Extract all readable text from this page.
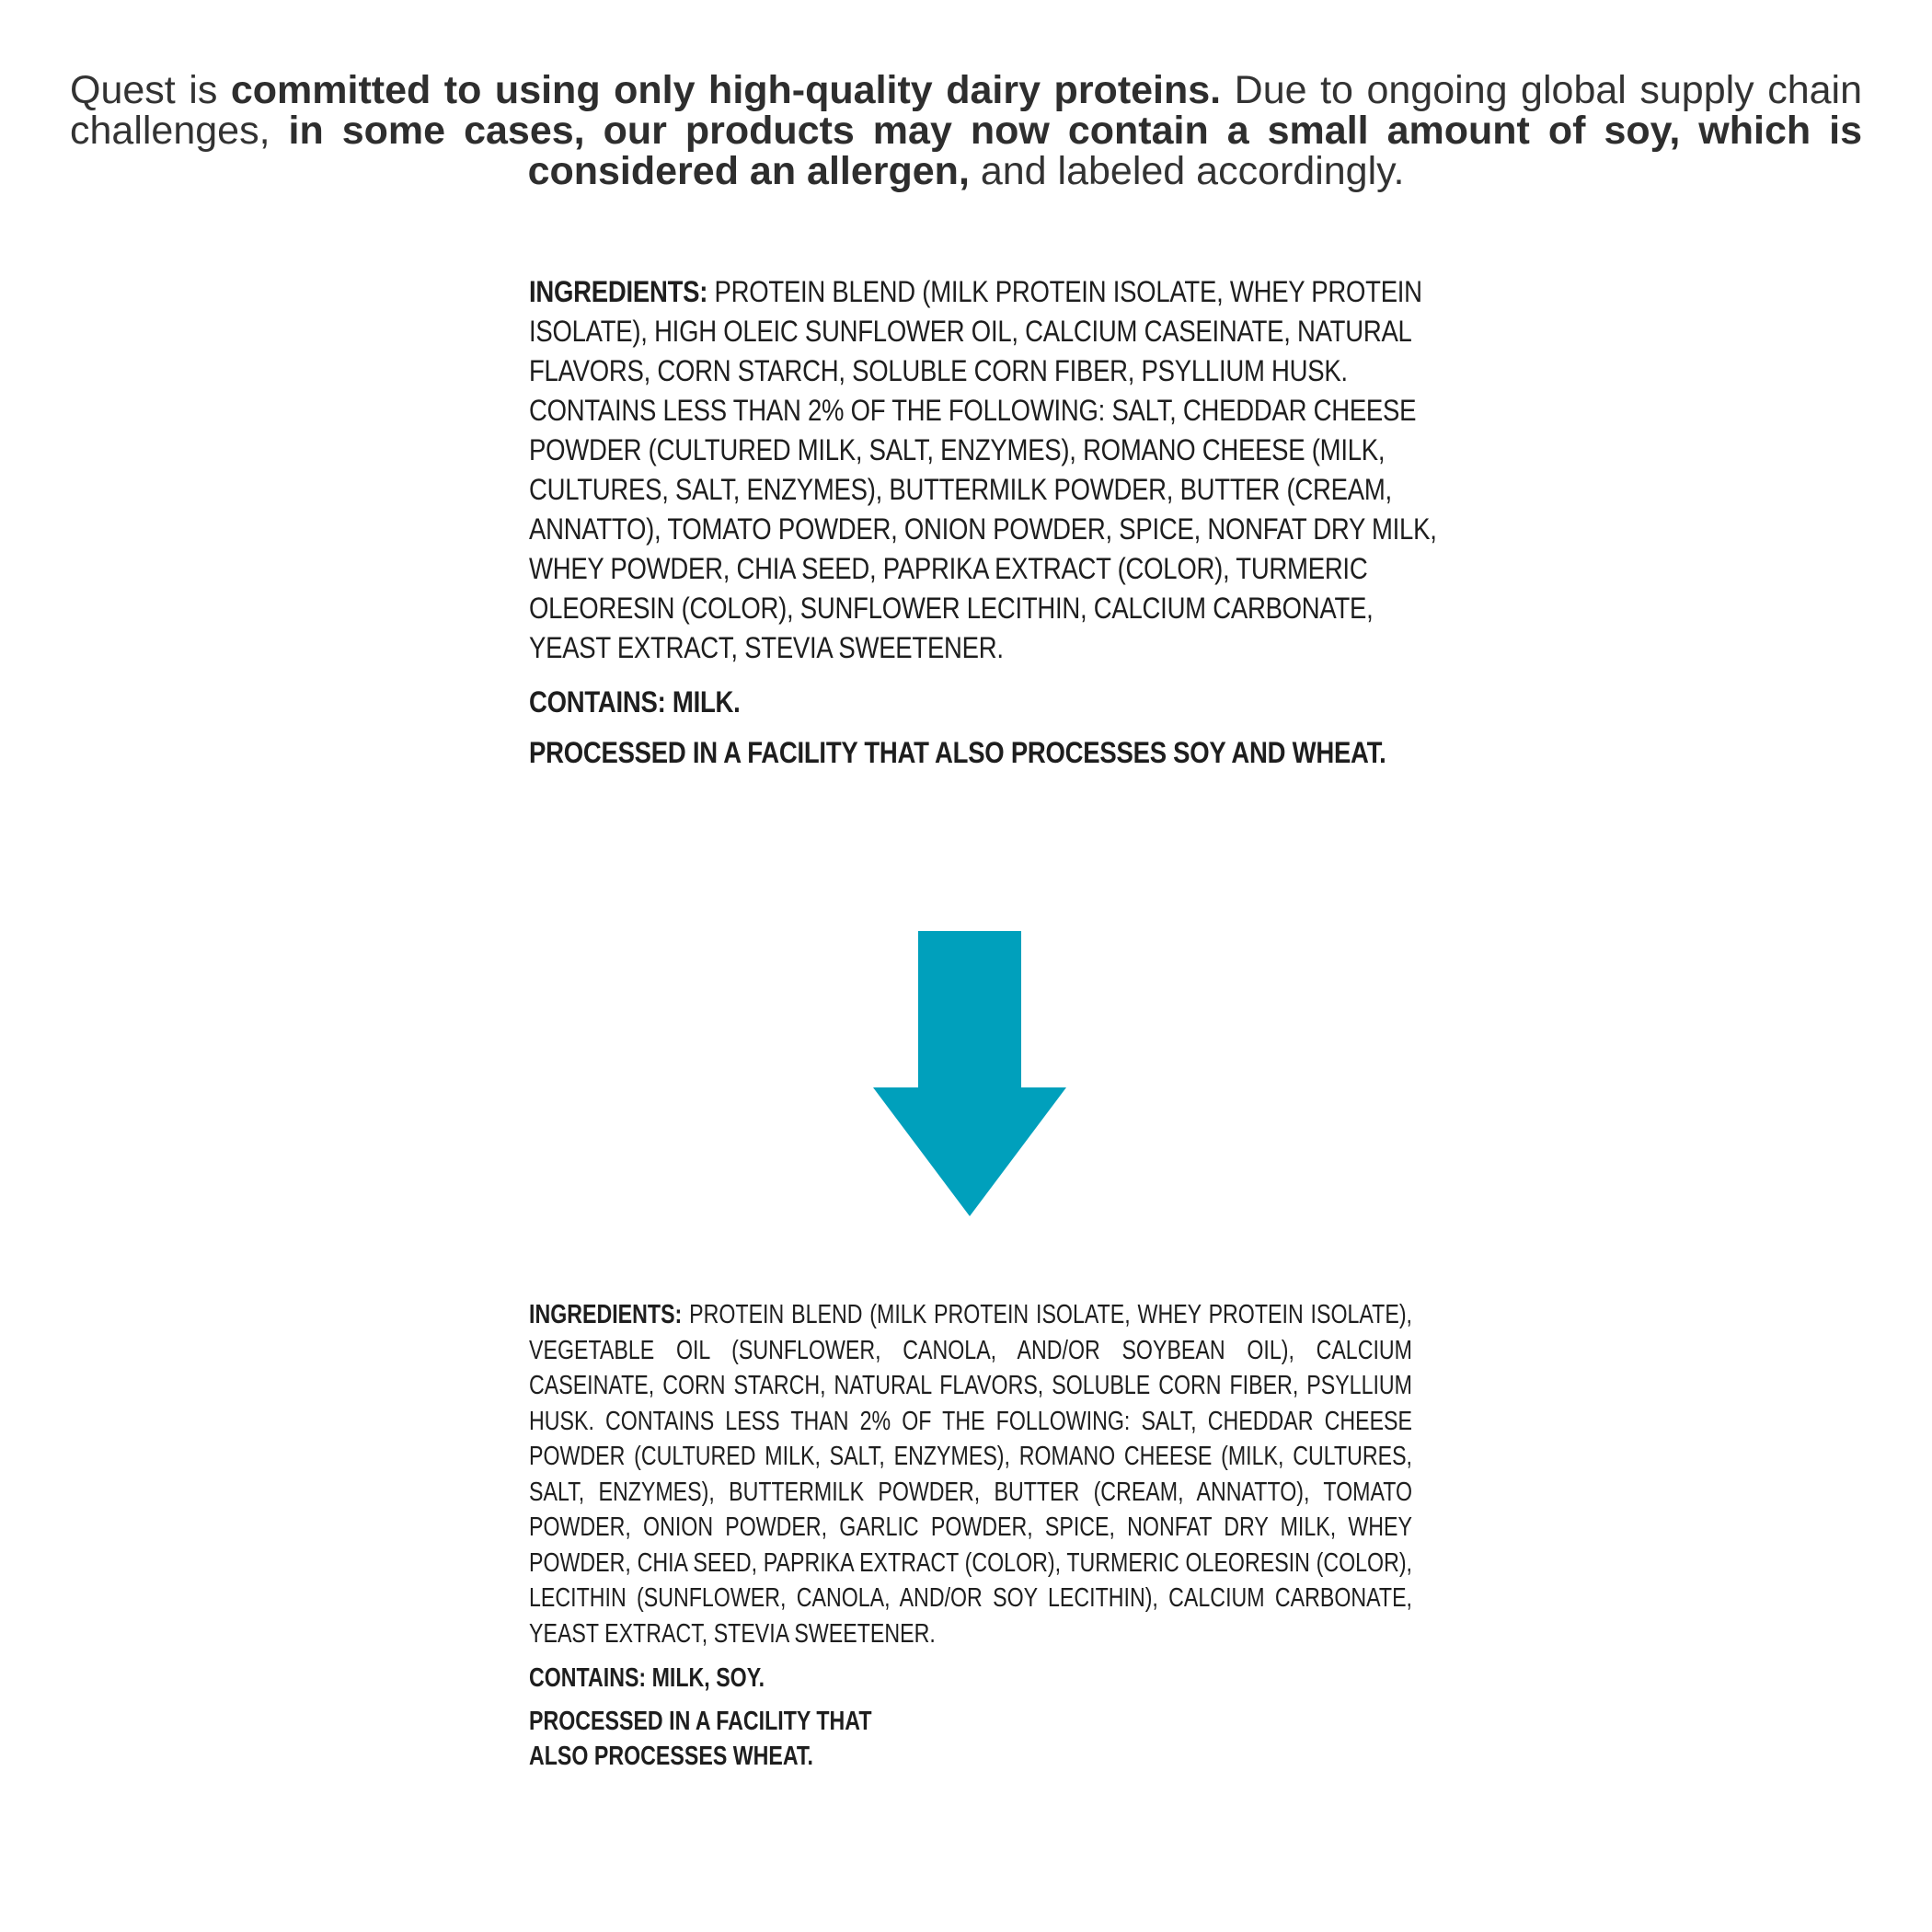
Quest is committed to using only high-quality dairy proteins. Due to ongoing global supply chain challenges, in some cases, our products may now contain a small amount of soy, which is considered an allergen, and labeled accordingly.

INGREDIENTS: PROTEIN BLEND (MILK PROTEIN ISOLATE, WHEY PROTEIN ISOLATE), HIGH OLEIC SUNFLOWER OIL, CALCIUM CASEINATE, NATURAL FLAVORS, CORN STARCH, SOLUBLE CORN FIBER, PSYLLIUM HUSK. CONTAINS LESS THAN 2% OF THE FOLLOWING: SALT, CHEDDAR CHEESE POWDER (CULTURED MILK, SALT, ENZYMES), ROMANO CHEESE (MILK, CULTURES, SALT, ENZYMES), BUTTERMILK POWDER, BUTTER (CREAM, ANNATTO), TOMATO POWDER, ONION POWDER, SPICE, NONFAT DRY MILK, WHEY POWDER, CHIA SEED, PAPRIKA EXTRACT (COLOR), TURMERIC OLEORESIN (COLOR), SUNFLOWER LECITHIN, CALCIUM CARBONATE, YEAST EXTRACT, STEVIA SWEETENER.

CONTAINS: MILK.

PROCESSED IN A FACILITY THAT ALSO PROCESSES SOY AND WHEAT.

INGREDIENTS: PROTEIN BLEND (MILK PROTEIN ISOLATE, WHEY PROTEIN ISOLATE), VEGETABLE OIL (SUNFLOWER, CANOLA, AND/OR SOYBEAN OIL), CALCIUM CASEINATE, CORN STARCH, NATURAL FLAVORS, SOLUBLE CORN FIBER, PSYLLIUM HUSK. CONTAINS LESS THAN 2% OF THE FOLLOWING: SALT, CHEDDAR CHEESE POWDER (CULTURED MILK, SALT, ENZYMES), ROMANO CHEESE (MILK, CULTURES, SALT, ENZYMES), BUTTERMILK POWDER, BUTTER (CREAM, ANNATTO), TOMATO POWDER, ONION POWDER, GARLIC POWDER, SPICE, NONFAT DRY MILK, WHEY POWDER, CHIA SEED, PAPRIKA EXTRACT (COLOR), TURMERIC OLEORESIN (COLOR), LECITHIN (SUNFLOWER, CANOLA, AND/OR SOY LECITHIN), CALCIUM CARBONATE, YEAST EXTRACT, STEVIA SWEETENER.

CONTAINS: MILK, SOY.

PROCESSED IN A FACILITY THAT ALSO PROCESSES WHEAT.
